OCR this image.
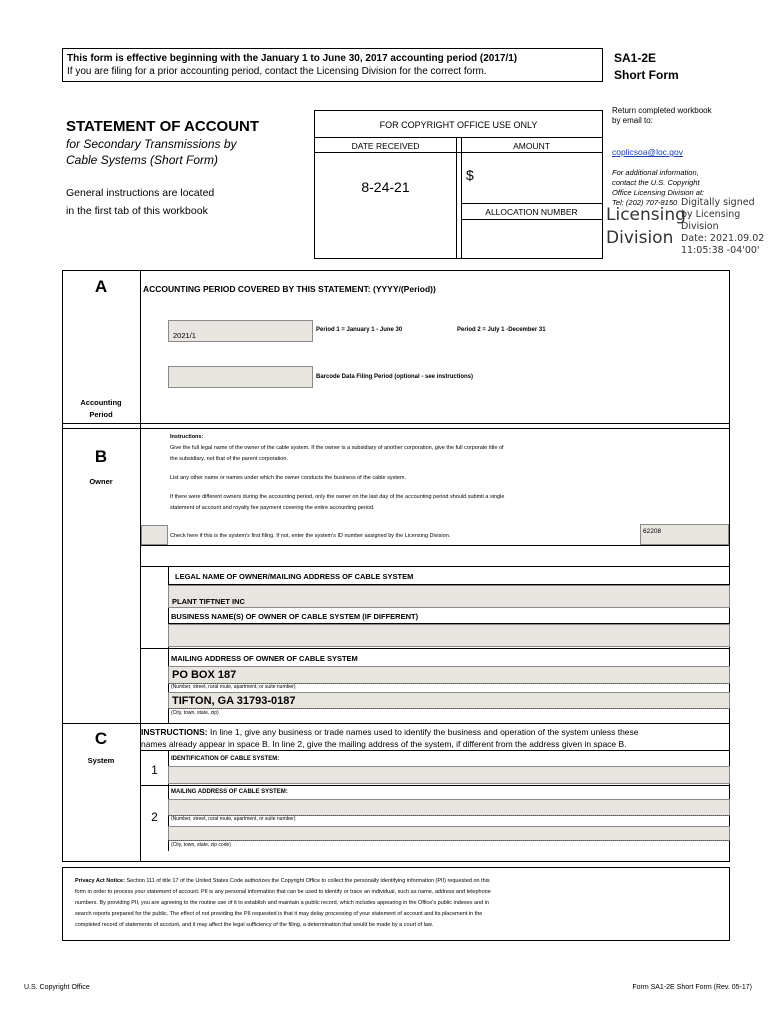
This form is effective beginning with the January 1 to June 30, 2017 accounting period (2017/1)
If you are filing for a prior accounting period, contact the Licensing Division for the correct form.
SA1-2E
Short Form
STATEMENT OF ACCOUNT
for Secondary Transmissions by
Cable Systems (Short Form)
General instructions are located
in the first tab of this workbook
FOR COPYRIGHT OFFICE USE ONLY
DATE RECEIVED	AMOUNT
8-24-21
$
ALLOCATION NUMBER
Return completed workbook
by email to:
coplicsoa@loc.gov
For additional information,
contact the U.S. Copyright
Office Licensing Division at:
Tel: (202) 707-8150
Licensing
Division
Digitally signed
by Licensing
Division
Date: 2021.09.02
11:05:38 -04'00'
A
Accounting
Period
ACCOUNTING PERIOD COVERED BY THIS STATEMENT: (YYYY/(Period))
2021/1
Period 1 = January 1 - June 30	Period 2 = July 1 -December 31
Barcode Data Filing Period (optional - see instructions)
B
Owner
Instructions:
Give the full legal name of the owner of the cable system. If the owner is a subsidiary of another corporation, give the full corporate title of
the subsidiary, not that of the parent corporation.
List any other name or names under which the owner conducts the business of the cable system.
If there were different owners during the accounting period, only the owner on the last day of the accounting period should submit a single
statement of account and royalty fee payment covering the entire accounting period.
Check here if this is the system's first filing. If not, enter the system's ID number assigned by the Licensing Division.
62208
LEGAL NAME OF OWNER/MAILING ADDRESS OF CABLE SYSTEM
PLANT TIFTNET INC
BUSINESS NAME(S) OF OWNER OF CABLE SYSTEM (IF DIFFERENT)
MAILING ADDRESS OF OWNER OF CABLE SYSTEM
PO BOX 187
(Number, street, rural route, apartment, or suite number)
TIFTON, GA 31793-0187
(City, town, state, zip)
C
System
INSTRUCTIONS: In line 1, give any business or trade names used to identify the business and operation of the system unless these
names already appear in space B. In line 2, give the mailing address of the system, if different from the address given in space B.
1
IDENTIFICATION OF CABLE SYSTEM:
2
MAILING ADDRESS OF CABLE SYSTEM:
(Number, street, rural route, apartment, or suite number)
(City, town, state, zip code)
Privacy Act Notice: Section 111 of title 17 of the United States Code authorizes the Copyright Office to collect the personally identifying information (PII) requested on this
form in order to process your statement of account. PII is any personal information that can be used to identify or trace an individual, such as name, address and telephone
numbers. By providing PII, you are agreeing to the routine use of it to establish and maintain a public record, which includes appearing in the Office's public indexes and in
search reports prepared for the public. The effect of not providing the PII requested is that it may delay processing of your statement of account and its placement in the
completed record of statements of account, and it may affect the legal sufficiency of the filing, a determination that would be made by a court of law.
U.S. Copyright Office	Form SA1-2E Short Form (Rev. 05-17)
